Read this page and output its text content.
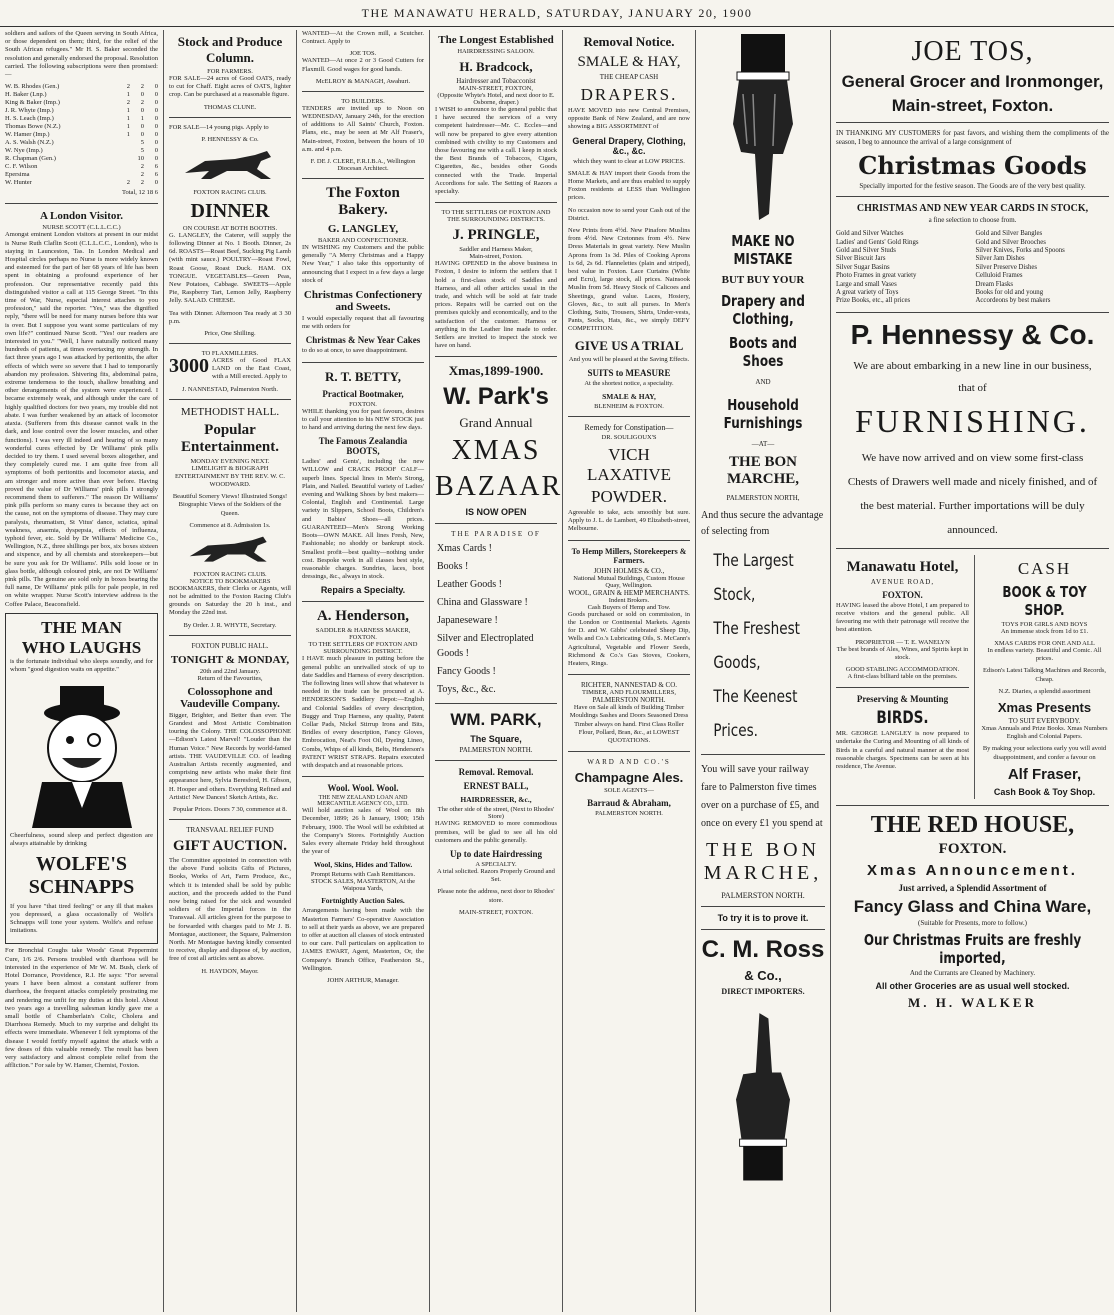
THE MANAWATU HERALD, SATURDAY, JANUARY 20, 1900

soldiers and sailors of the Queen serving in South Africa, or those dependent on them; third, for the relief of the South African refugees." Mr H. S. Baker seconded the resolution and generally endorsed the proposal. Resolution carried. The following subscriptions were then promised:—

W. B. Rhodes (Gen.)	2	2	0
H. Baker (Lnp.)	1	0	0
King & Baker (Imp.)	2	2	0
J. R. Whyte (Imp.)	1	0	0
H. S. Leach (Imp.)	1	1	0
Thomas Bowe (N.Z.)	1	0	0
W. Hamer (Imp.)	1	0	0
A. S. Walsh (N.Z.)		5	0
W. Nye (Imp.)		5	0
R. Chapman (Gen.)		10	0
C. F. Wilson		2	6
Epersima		2	6
W. Hunter	2	2	0

Total, 12 18 6

A London Visitor.
NURSE SCOTT (C.L.L.C.C.)

Amongst eminent London visitors at present in our midst is Nurse Ruth Claflin Scott (C.L.L.C.C., London), who is staying in Launceston, Tas. In London Medical and Hospital circles perhaps no Nurse is more widely known and esteemed for the part of her 68 years of life has been spent in obtaining a profound experience of her profession. Our representative recently paid this distinguished visitor a call at 115 George Street. "In this time of War, Nurse, especial interest attaches to you profession," said the reporter. "Yes," was the dignified reply, "there will be need for many nurses before this war is over. But I suppose you want some particulars of my own life?" continued Nurse Scott. "Yes! our readers are interested in you." "Well, I have naturally noticed many hundreds of patients, at times overtaxing my strength. In fact three years ago I was attacked by peritonitis, the after effects of which were so severe that I had to temporarily abandon my profession. Shivering fits, abdominal pains, extreme tenderness to the touch, shallow breathing and other derangements of the system were experienced. I became extremely weak, and although under the care of highly qualified doctors for two years, my trouble did not abate. I was further weakened by an attack of locomotor ataxia. (Sufferers from this disease cannot walk in the dark, and lose control over the lower muscles, and other functions). I was very ill indeed and hearing of so many wonderful cures effected by Dr Williams' pink pills decided to try them. I used several boxes altogether, and they completely cured me. I am quite free from all symptoms of both peritonitis and locomotor ataxia, and am stronger and more active than ever before. Having proved the value of Dr Williams' pink pills I strongly recommend them to sufferers." The reason Dr Williams' pink pills perform so many cures is because they act on the cause, not on the symptoms of disease. They may cure paralysis, rheumatism, St Vitus' dance, sciatica, spinal weakness, anaemia, dyspepsia, effects of influenza, typhoid fever, etc. Sold by Dr Williams' Medicine Co., Wellington, N.Z., three shillings per box, six boxes sixteen and sixpence, and by all chemists and storekeepers—but be sure you ask for Dr Williams'. Pills sold loose or in glass bottle, although coloured pink, are not Dr Williams' pink pills. The genuine are sold only in boxes bearing the full name, Dr Williams' pink pills for pale people, in red on white wrapper. Nurse Scott's interview address is the Coffee Palace, Beaconsfield.

THE MAN
WHO LAUGHS

is the fortunate individual who sleeps soundly, and for whom "good digestion waits on appetite."

Cheerfulness, sound sleep and perfect digestion are always attainable by drinking

WOLFE'S
SCHNAPPS

If you have "that tired feeling" or any ill that makes you depressed, a glass occasionally of Wolfe's Schnapps will tone your system. Wolfe's and refuse imitations.

For Bronchial Coughs take Woods' Great Peppermint Cure, 1/6 2/6. Persons troubled with diarrhoea will be interested in the experience of Mr W. M. Bush, clerk of Hotel Dorrance, Providence, R.I. He says: "For several years I have been almost a constant sufferer from diarrhoea, the frequent attacks completely prostrating me and rendering me unfit for my duties at this hotel. About two years ago a travelling salesman kindly gave me a small bottle of Chamberlain's Colic, Cholera and Diarrhoea Remedy. Much to my surprise and delight its effects were immediate. Whenever I felt symptoms of the disease I would fortify myself against the attack with a few doses of this valuable remedy. The result has been very satisfactory and almost complete relief from the affliction." For sale by W. Hamer, Chemist, Foxton.

Stock and Produce Column.
FOR FARMERS.

FOR SALE—24 acres of Good OATS, ready to cut for Chaff. Eight acres of OATS, lighter crop. Can be purchased at a reasonable figure.

THOMAS CLUNE.

FOR SALE—14 young pigs. Apply to

P. HENNESSY & Co.
FOXTON RACING CLUB.
DINNER
ON COURSE AT BOTH BOOTHS.

G. LANGLEY, the Caterer, will supply the following Dinner at No. 1 Booth. Dinner, 2s 6d. ROASTS—Roast Beef, Sucking Pig Lamb (with mint sauce.) POULTRY—Roast Fowl, Roast Goose, Roast Duck. HAM. OX TONGUE. VEGETABLES—Green Peas, New Potatoes, Cabbage. SWEETS—Apple Pie, Raspberry Tart, Lemon Jelly, Raspberry Jelly. SALAD. CHEESE.

Tea with Dinner. Afternoon Tea ready at 3 30 p.m.

Price, One Shilling.
TO FLAXMILLERS.

3000 ACRES of Good FLAX LAND on the East Coast, with a Mill erected. Apply to

J. NANNESTAD, Palmerston North.
METHODIST HALL.
Popular Entertainment.
MONDAY EVENING NEXT.

LIMELIGHT & BIOGRAPH ENTERTAINMENT BY THE REV. W. C. WOODWARD.

Beautiful Scenery Views! Illustrated Songs! Biographic Views of the Soldiers of the Queen.

Commence at 8. Admission 1s.
FOXTON RACING CLUB.
NOTICE TO BOOKMAKERS

BOOKMAKERS, their Clerks or Agents, will not be admitted to the Foxton Racing Club's grounds on Saturday the 20 h inst., and Monday the 22nd inst.

By Order. J. R. WHYTE, Secretary.
FOXTON PUBLIC HALL.
TONIGHT & MONDAY,
20th and 22nd January.
Return of the Favourites,
Colossophone and Vaudeville Company.

Bigger, Brighter, and Better than ever. The Grandest and Most Artistic Combination touring the Colony. THE COLOSSOPHONE—Edison's Latest Marvel! "Louder than the Human Voice." New Records by world-famed artists. THE VAUDEVILLE CO. of leading Australian Artists recently augmented, and comprising new artists who make their first appearance here, Sylvia Beresford, H. Gibson, H. Hooper and others. Everything Refined and Artistic! New Dances! Sketch Artists, &c.

Popular Prices. Doors 7 30, commence at 8.
TRANSVAAL RELIEF FUND
GIFT AUCTION.

The Committee appointed in connection with the above Fund solicits Gifts of Pictures, Books, Works of Art, Farm Produce, &c., which it is intended shall be sold by public auction, and the proceeds added to the Fund now being raised for the sick and wounded soldiers of the Imperial forces in the Transvaal. All articles given for the purpose to be forwarded with charges paid to Mr J. B. Montague, auctioneer, the Square, Palmerston North. Mr Montague having kindly consented to receive, display and dispose of, by auction, free of cost all articles sent as above.

H. HAYDON, Mayor.

WANTED—At the Crown mill, a Scutcher. Contract. Apply to

JOE TOS.

WANTED—At once 2 or 3 Good Cutters for Flaxmill. Good wages for good hands.

McELROY & MANAGH, Awahuri.
TO BUILDERS.

TENDERS are invited up to Noon on WEDNESDAY, January 24th, for the erection of additions to All Saints' Church, Foxton. Plans, etc., may be seen at Mr Alf Fraser's, Main-street, Foxton, between the hours of 10 a.m. and 4 p.m.

F. DE J. CLERE, F.R.I.B.A., Wellington Diocesan Architect.
The Foxton Bakery.
G. LANGLEY,
BAKER AND CONFECTIONER.

IN WISHING my Customers and the public generally "A Merry Christmas and a Happy New Year," I also take this opportunity of announcing that I expect in a few days a large stock of

Christmas Confectionery and Sweets.

I would especially request that all favouring me with orders for

Christmas & New Year Cakes

to do so at once, to save disappointment.

R. T. BETTY,
Practical Bootmaker,
FOXTON.

WHILE thanking you for past favours, desires to call your attention to his NEW STOCK just to hand and arriving during the next few days.

The Famous Zealandia BOOTS,

Ladies' and Gents', including the new WILLOW and CRACK PROOF CALF—superb lines. Special lines in Men's Strong, Plain, and Nailed. Beautiful variety of Ladies' evening and Walking Shoes by best makers—Colonial, English and Continental. Large variety in Slippers, School Boots, Children's and Babies' Shoes—all prices. GUARANTEED—Men's Strong Working Boots—OWN MAKE. All lines Fresh, New, Fashionable; no shoddy or bankrupt stock. Smallest profit—best quality—nothing under cost. Bespoke work in all classes best style, reasonable charges. Sundries, laces, boot dressings, &c., always in stock.

Repairs a Specialty.
A. Henderson,
SADDLER & HARNESS MAKER, FOXTON.
TO THE SETTLERS OF FOXTON AND SURROUNDING DISTRICT.

I HAVE much pleasure in putting before the general public an unrivalled stock of up to date Saddles and Harness of every description. The following lines will show that whatever is needed in the trade can be procured at A. HENDERSON'S Saddlery Depot:—English and Colonial Saddles of every description, Buggy and Trap Harness, any quality, Patent Collar Pads, Nickel Stirrup Irons and Bits, Bridles of every description, Fancy Gloves, Embrocation, Neat's Foot Oil, Dyeing Lineo, Combs, Whips of all kinds, Belts, Henderson's PATENT WRIST STRAPS. Repairs executed with despatch and at reasonable prices.

Wool. Wool. Wool.
THE NEW ZEALAND LOAN AND MERCANTILE AGENCY CO., LTD.

Will hold auction sales of Wool on 8th December, 1899; 26 h January, 1900; 15th February, 1900. The Wool will be exhibited at the Company's Stores. Fortnightly Auction Sales every alternate Friday held throughout the year of

Wool, Skins, Hides and Tallow.
Prompt Returns with Cash Remittances.
STOCK SALES, MASTERTON, At the Waipoua Yards,
Fortnightly Auction Sales.

Arrangements having been made with the Masterton Farmers' Co-operative Association to sell at their yards as above, we are prepared to offer at auction all classes of stock entrusted to our care. Full particulars on application to JAMES EWART, Agent, Masterton, Or, the Company's Branch Office, Featherston St., Wellington.

JOHN ARTHUR, Manager.
The Longest Established
HAIRDRESSING SALOON.
H. Bradcock,
Hairdresser and Tobacconist
MAIN-STREET, FOXTON,
(Opposite Whyte's Hotel, and next door to E. Osborne, draper.)

I WISH to announce to the general public that I have secured the services of a very competent hairdresser—Mr. C. Eccles—and will now be prepared to give every attention combined with civility to my Customers and those favouring me with a call. I keep in stock the Best Brands of Tobaccos, Cigars, Cigarettes, &c., besides other Goods connected with the Trade. Imperial Accordions for sale. The Setting of Razors a specialty.

TO THE SETTLERS OF FOXTON AND THE SURROUNDING DISTRICTS.
J. PRINGLE,
Saddler and Harness Maker,
Main-street, Foxton.

HAVING OPENED in the above business in Foxton, I desire to inform the settlers that I hold a first-class stock of Saddles and Harness, and all other articles usual in the trade, and which will be sold at fair trade prices. Repairs will be carried out on the premises quickly and economically, and to the satisfaction of the customer. Harness or anything in the Leather line made to order. Settlers are invited to inspect the stock we have on hand.

Xmas,1899-1900.
W. Park's
Grand Annual
XMAS
BAZAAR
IS NOW OPEN
THE PARADISE OF
Xmas Cards !
Books !
Leather Goods !
China and Glassware !
Japaneseware !
Silver and Electroplated Goods !
Fancy Goods !
Toys, &c., &c.
WM. PARK,
The Square,
PALMERSTON NORTH.
Removal. Removal.
ERNEST BALL,
HAIRDRESSER, &c.,
The other side of the street, (Next to Rhodes' Store)

HAVING REMOVED to more commodious premises, will be glad to see all his old customers and the public generally.

Up to date Hairdressing
A SPECIALTY.

A trial solicited. Razors Properly Ground and Set.

Please note the address, next door to Rhodes' store.

MAIN-STREET, FOXTON.
Removal Notice.
SMALE & HAY,
THE CHEAP CASH
DRAPERS.

HAVE MOVED into new Central Premises, opposite Bank of New Zealand, and are now showing a BIG ASSORTMENT of

General Drapery, Clothing, &c., &c.

which they want to clear at LOW PRICES.

SMALE & HAY import their Goods from the Home Markets, and are thus enabled to supply Foxton residents at LESS than Wellington prices.

No occasion now to send your Cash out of the District.

New Prints from 4½d. New Pinafore Muslins from 4½d. New Cretonnes from 4½. New Dress Materials in great variety. New Muslin Aprons from 1s 3d. Piles of Cooking Aprons 1s 6d, 2s 6d. Flannelettes (plain and striped), best value in Foxton. Lace Curtains (White and Ecru), large stock, all prices. Nainsook Muslin from 5d. Heavy Stock of Calicoes and Sheetings, grand value. Laces, Hosiery, Gloves, &c., to suit all purses. In Men's Clothing, Suits, Trousers, Shirts, Under-vests, Pants, Socks, Hats, &c., we simply DEFY COMPETITION.

GIVE US A TRIAL

And you will be pleased at the Saving Effects.

SUITS to MEASURE

At the shortest notice, a speciality.

SMALE & HAY,
BLENHEIM & FOXTON.
Remedy for Constipation—
DR. SOULIGOUX'S
VICH LAXATIVE
POWDER.

Agreeable to take, acts smoothly but sure. Apply to J. L. de Lambert, 49 Elizabeth-street, Melbourne.

To Hemp Millers, Storekeepers & Farmers.
JOHN HOLMES & CO.,
National Mutual Buildings, Custom House Quay, Wellington.
WOOL, GRAIN & HEMP MERCHANTS.
Indent Brokers.
Cash Buyers of Hemp and Tow.

Goods purchased or sold on commission, in the London or Continental Markets. Agents for D. and W. Gibbs' celebrated Sheep Dip, Wells and Co.'s Lubricating Oils, S. McCann's Agricultural, Vegetable and Flower Seeds, Richmond & Co.'s Gas Stoves, Cookers, Heaters, Rings.

RICHTER, NANNESTAD & CO.
TIMBER, AND FLOURMILLERS,
PALMERSTON NORTH.

Have on Sale all kinds of Building Timber Mouldings Sashes and Doors Seasoned Dress Timber always on hand. First Class Roller Flour, Pollard, Bran, &c., at LOWEST QUOTATIONS.

WARD AND CO.'S
Champagne Ales.
SOLE AGENTS—
Barraud & Abraham,
PALMERSTON NORTH.
MAKE NO MISTAKE
BUT BUY YOUR
Drapery and Clothing, Boots and Shoes
AND
Household Furnishings
—AT—
THE BON MARCHE,
PALMERSTON NORTH,

And thus secure the advantage of selecting from

The Largest Stock,
The Freshest Goods,
The Keenest Prices.

You will save your railway fare to Palmerston five times over on a purchase of £5, and once on every £1 you spend at

THE BON
MARCHE,
PALMERSTON NORTH.
To try it is to prove it.
C. M. Ross
& Co.,
DIRECT IMPORTERS.
JOE TOS,
General Grocer and Ironmonger,
Main-street, Foxton.

IN THANKING MY CUSTOMERS for past favors, and wishing them the compliments of the season, I beg to announce the arrival of a large consignment of

Christmas Goods

Specially imported for the festive season. The Goods are of the very best quality.

CHRISTMAS AND NEW YEAR CARDS IN STOCK,
a fine selection to choose from.
Gold and Silver Watches
Ladies' and Gents' Gold Rings
Gold and Silver Studs
Silver Biscuit Jars
Silver Sugar Basins
Photo Frames in great variety
Large and small Vases
A great variety of Toys
Prize Books, etc., all prices
Gold and Silver Bangles
Gold and Silver Brooches
Silver Knives, Forks and Spoons
Silver Jam Dishes
Silver Preserve Dishes
Celluloid Frames
Dream Flasks
Books for old and young
Accordeons by best makers
P. Hennessy & Co.

We are about embarking in a new line in our business, that of

FURNISHING.

We have now arrived and on view some first-class Chests of Drawers well made and nicely finished, and of the best material. Further importations will be duly announced.

Manawatu Hotel,
AVENUE ROAD,
FOXTON.

HAVING leased the above Hotel, I am prepared to receive visitors and the general public. All favouring me with their patronage will receive the best attention.

PROPRIETOR — T. E. WANELYN

The best brands of Ales, Wines, and Spirits kept in stock.

GOOD STABLING ACCOMMODATION.

A first-class billiard table on the premises.

Preserving & Mounting
BIRDS.

MR. GEORGE LANGLEY is now prepared to undertake the Curing and Mounting of all kinds of Birds in a careful and natural manner at the most reasonable charges. Specimens can be seen at his residence, The Avenue.

CASH
BOOK & TOY SHOP.
TOYS FOR GIRLS AND BOYS

An immense stock from 1d to £1.

XMAS CARDS FOR ONE AND ALL

In endless variety. Beautiful and Comic. All prices.

Edison's Latest Talking Machines and Records, Cheap.

N.Z. Diaries, a splendid assortment

Xmas Presents
TO SUIT EVERYBODY.

Xmas Annuals and Prize Books. Xmas Numbers English and Colonial Papers.

By making your selections early you will avoid disappointment, and confer a favour on

Alf Fraser,
Cash Book & Toy Shop.
THE RED HOUSE,
FOXTON.
Xmas Announcement.
Just arrived, a Splendid Assortment of
Fancy Glass and China Ware,
(Suitable for Presents, more to follow.)
Our Christmas Fruits are freshly imported,
And the Currants are Cleaned by Machinery.
All other Groceries are as usual well stocked.
M. H. WALKER
